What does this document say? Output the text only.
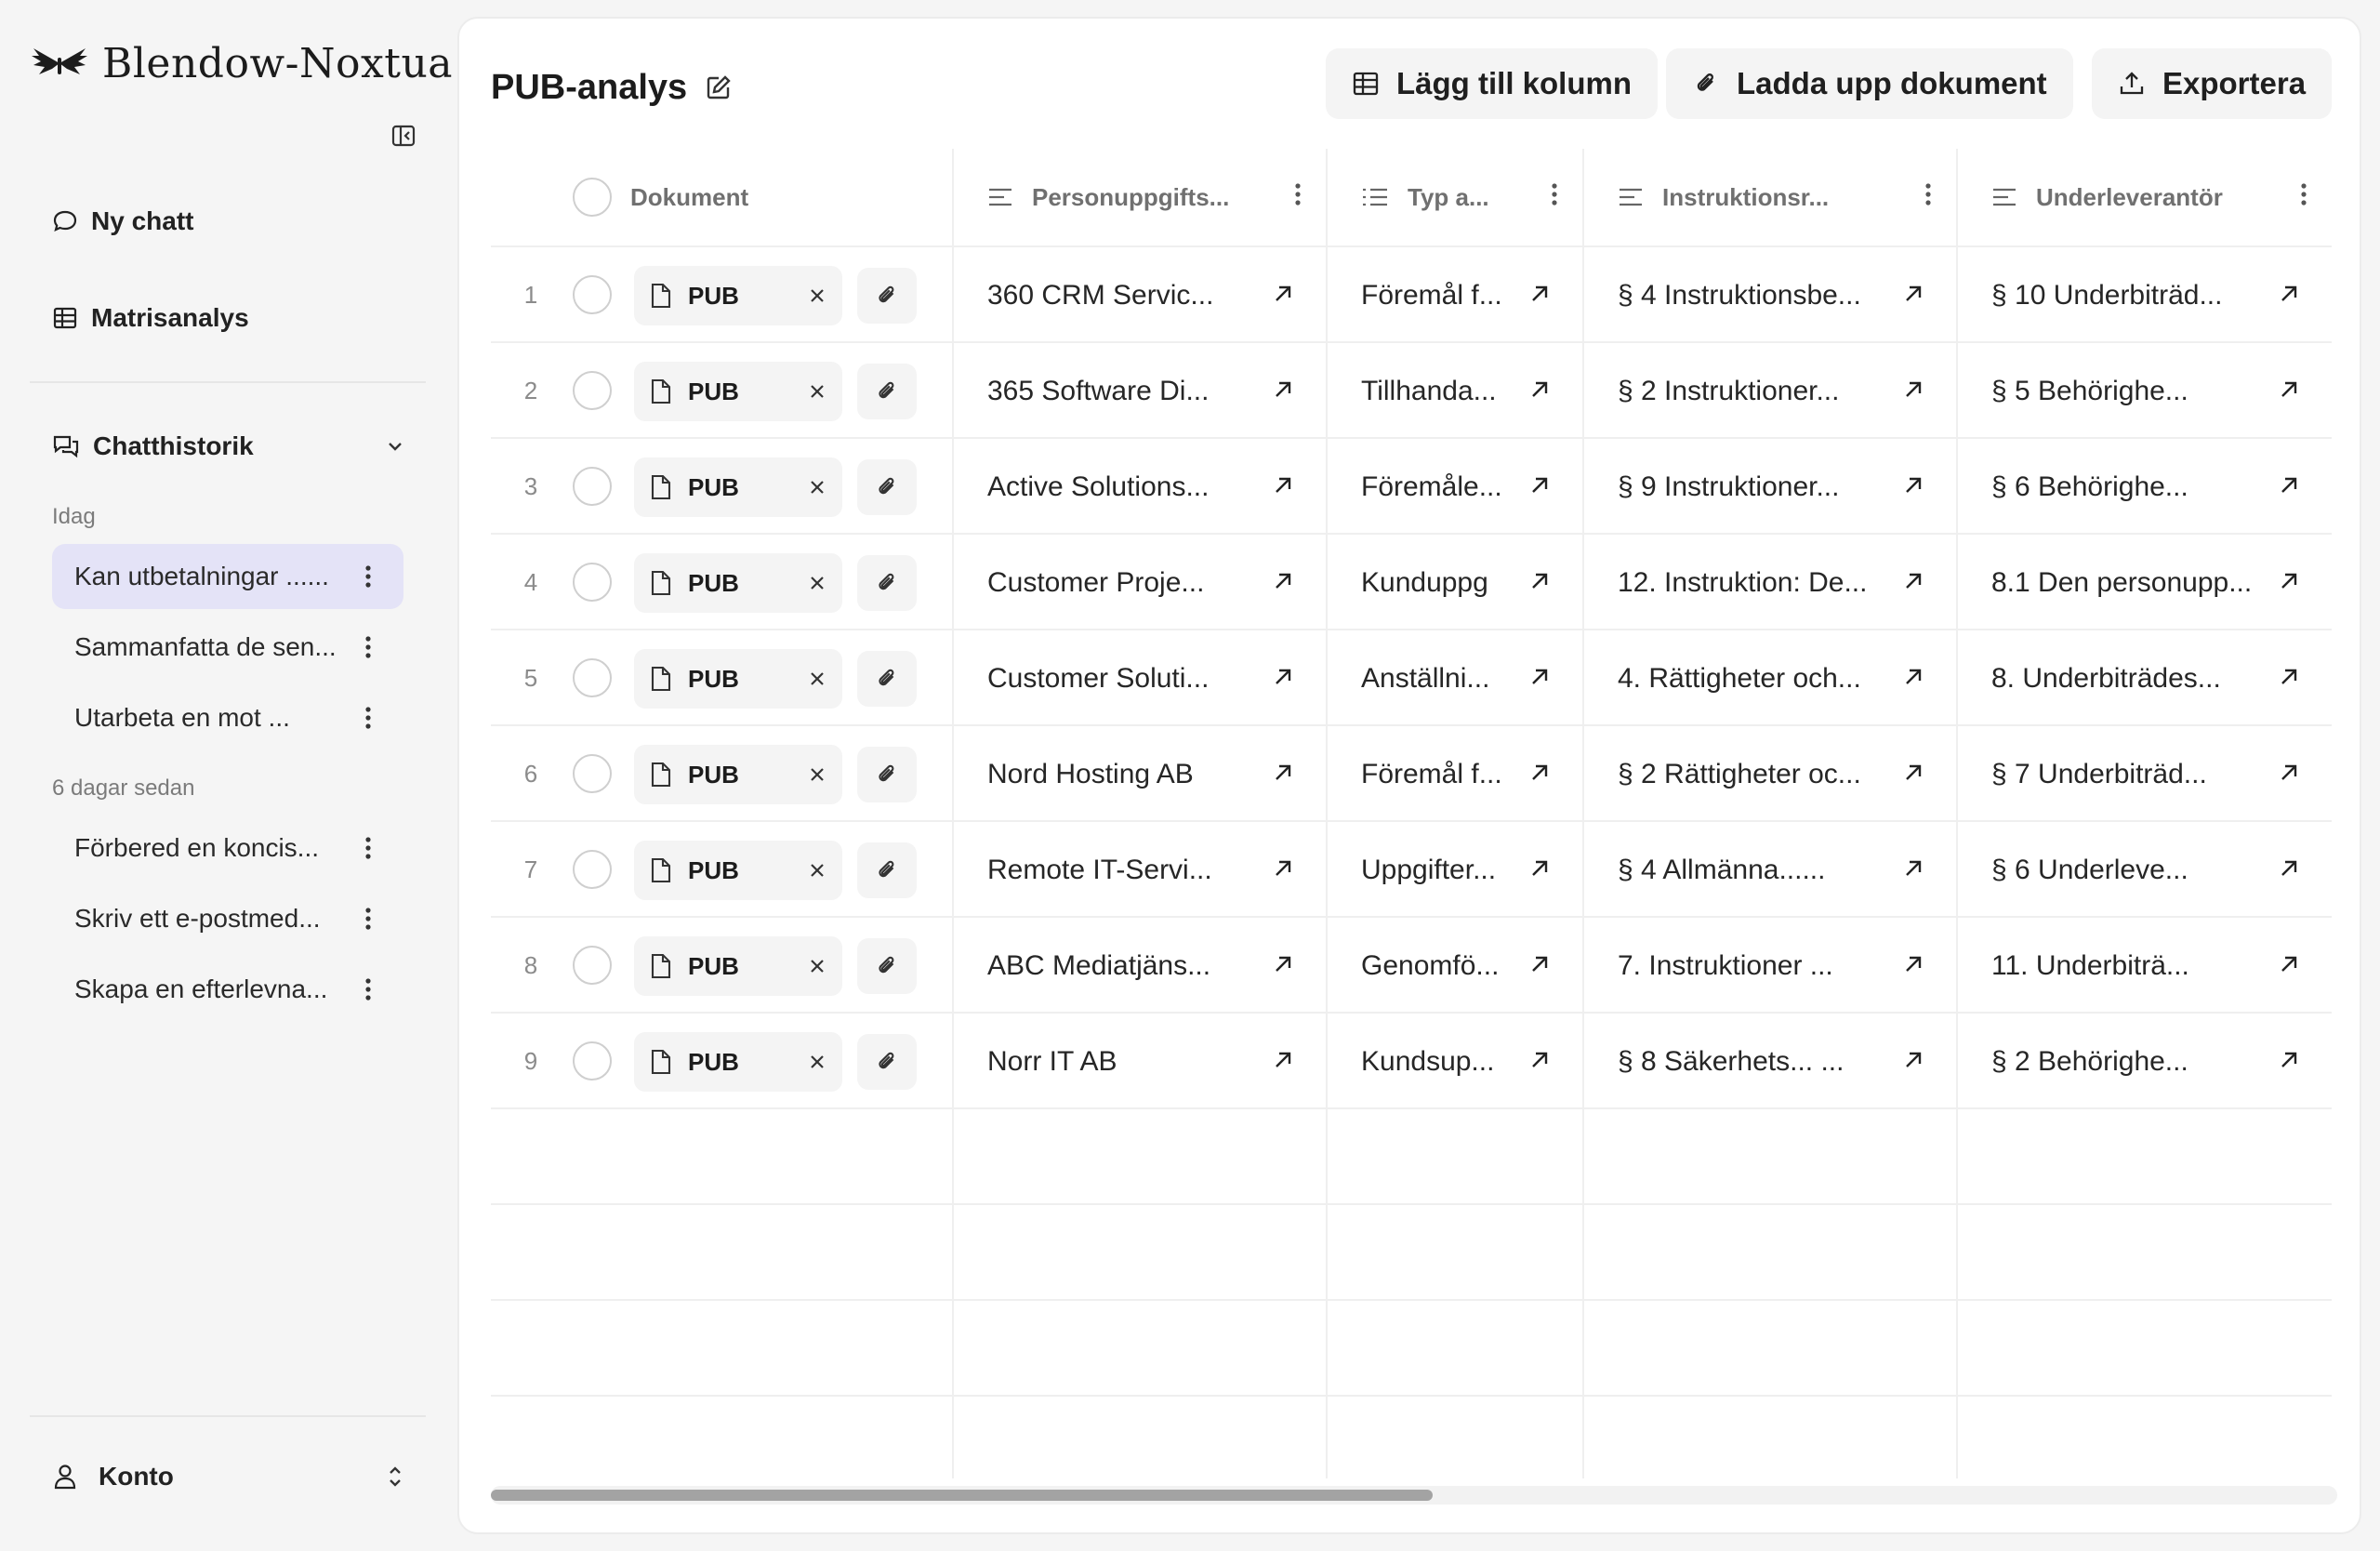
Blendow-Noxtua
Ny chatt
Matrisanalys
Chatthistorik
Idag
Kan utbetalningar ......
Sammanfatta de sen...
Utarbeta en mot ...
6 dagar sedan
Förbered en koncis...
Skriv ett e-postmed...
Skapa en efterlevna...
Konto
PUB-analys	Lägg till kolumn	Ladda upp dokument	Exportera
Dokument	Personuppgifts...	Typ a...	Instruktionsr...	Underleverantör
1	PUB	360 CRM Servic...	Föremål f...	§ 4 Instruktionsbe...	§ 10 Underbiträd...
2	PUB	365 Software Di...	Tillhanda...	§ 2 Instruktioner...	§ 5 Behörighe...
3	PUB	Active Solutions...	Föremåle...	§ 9 Instruktioner...	§ 6 Behörighe...
4	PUB	Customer Proje...	Kunduppg	12. Instruktion: De...	8.1 Den personupp...
5	PUB	Customer Soluti...	Anställni...	4. Rättigheter och...	8. Underbiträdes...
6	PUB	Nord Hosting AB	Föremål f...	§ 2 Rättigheter oc...	§ 7 Underbiträd...
7	PUB	Remote IT-Servi...	Uppgifter...	§ 4 Allmänna......	§ 6 Underleve...
8	PUB	ABC Mediatjäns...	Genomfö...	7. Instruktioner ...	11. Underbiträ...
9	PUB	Norr IT AB	Kundsup...	§ 8 Säkerhets... ...	§ 2 Behörighe...
